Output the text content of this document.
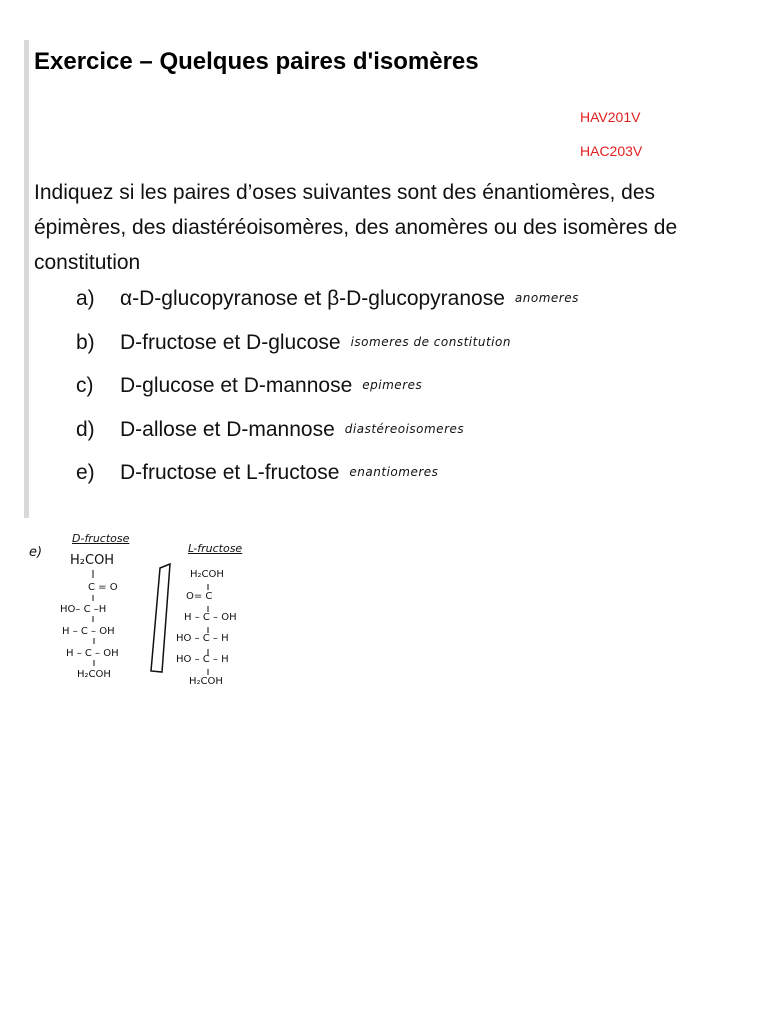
Exercice – Quelques paires d'isomères
HAV201V
HAC203V
Indiquez si les paires d’oses suivantes sont des énantiomères, des épimères, des diastéréoisomères, des anomères ou des isomères de constitution
a) α-D-glucopyranose et β-D-glucopyranose anomeres
b) D-fructose et D-glucose isomeres de constitution
c) D-glucose et D-mannose epimeres
d) D-allose et D-mannose diastéreoisomeres
e) D-fructose et L-fructose enantiomeres
e)
D-fructose
H₂COH
C = O
HO– C –H
H – C – OH
H – C – OH
H₂COH
L-fructose
H₂COH
O= C
H – C – OH
HO – C – H
HO – C – H
H₂COH
